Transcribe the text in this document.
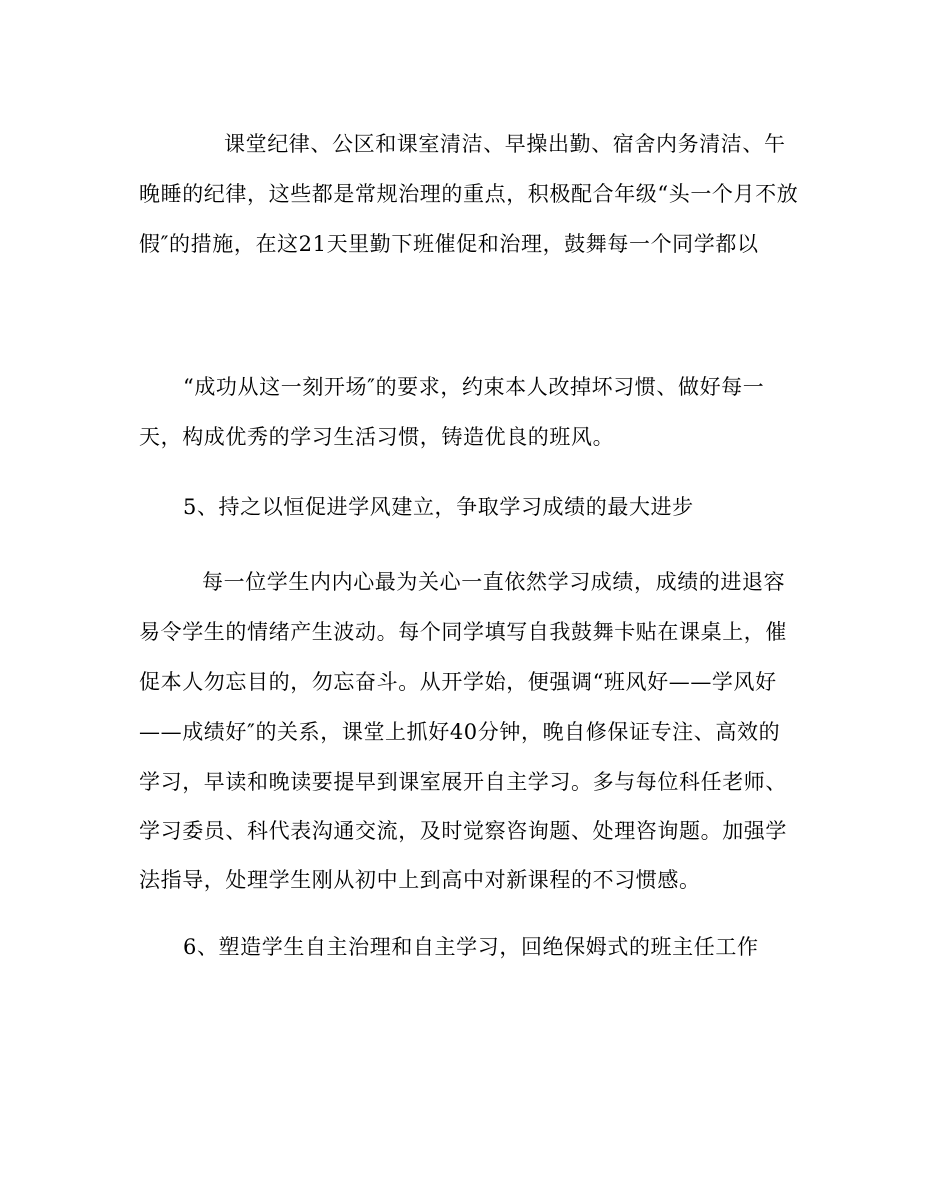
课堂纪律、公区和课室清洁、早操出勤、宿舍内务清洁、午
晚睡的纪律，这些都是常规治理的重点，积极配合年级“头一个月不放
假″的措施，在这21天里勤下班催促和治理，鼓舞每一个同学都以
“成功从这一刻开场″的要求，约束本人改掉坏习惯、做好每一
天，构成优秀的学习生活习惯，铸造优良的班风。
5、持之以恒促进学风建立，争取学习成绩的最大进步
每一位学生内内心最为关心一直依然学习成绩，成绩的进退容
易令学生的情绪产生波动。每个同学填写自我鼓舞卡贴在课桌上，催
促本人勿忘目的，勿忘奋斗。从开学始，便强调“班风好——学风好
——成绩好″的关系，课堂上抓好40分钟，晚自修保证专注、高效的
学习，早读和晚读要提早到课室展开自主学习。多与每位科任老师、
学习委员、科代表沟通交流，及时觉察咨询题、处理咨询题。加强学
法指导，处理学生刚从初中上到高中对新课程的不习惯感。
6、塑造学生自主治理和自主学习，回绝保姆式的班主任工作
